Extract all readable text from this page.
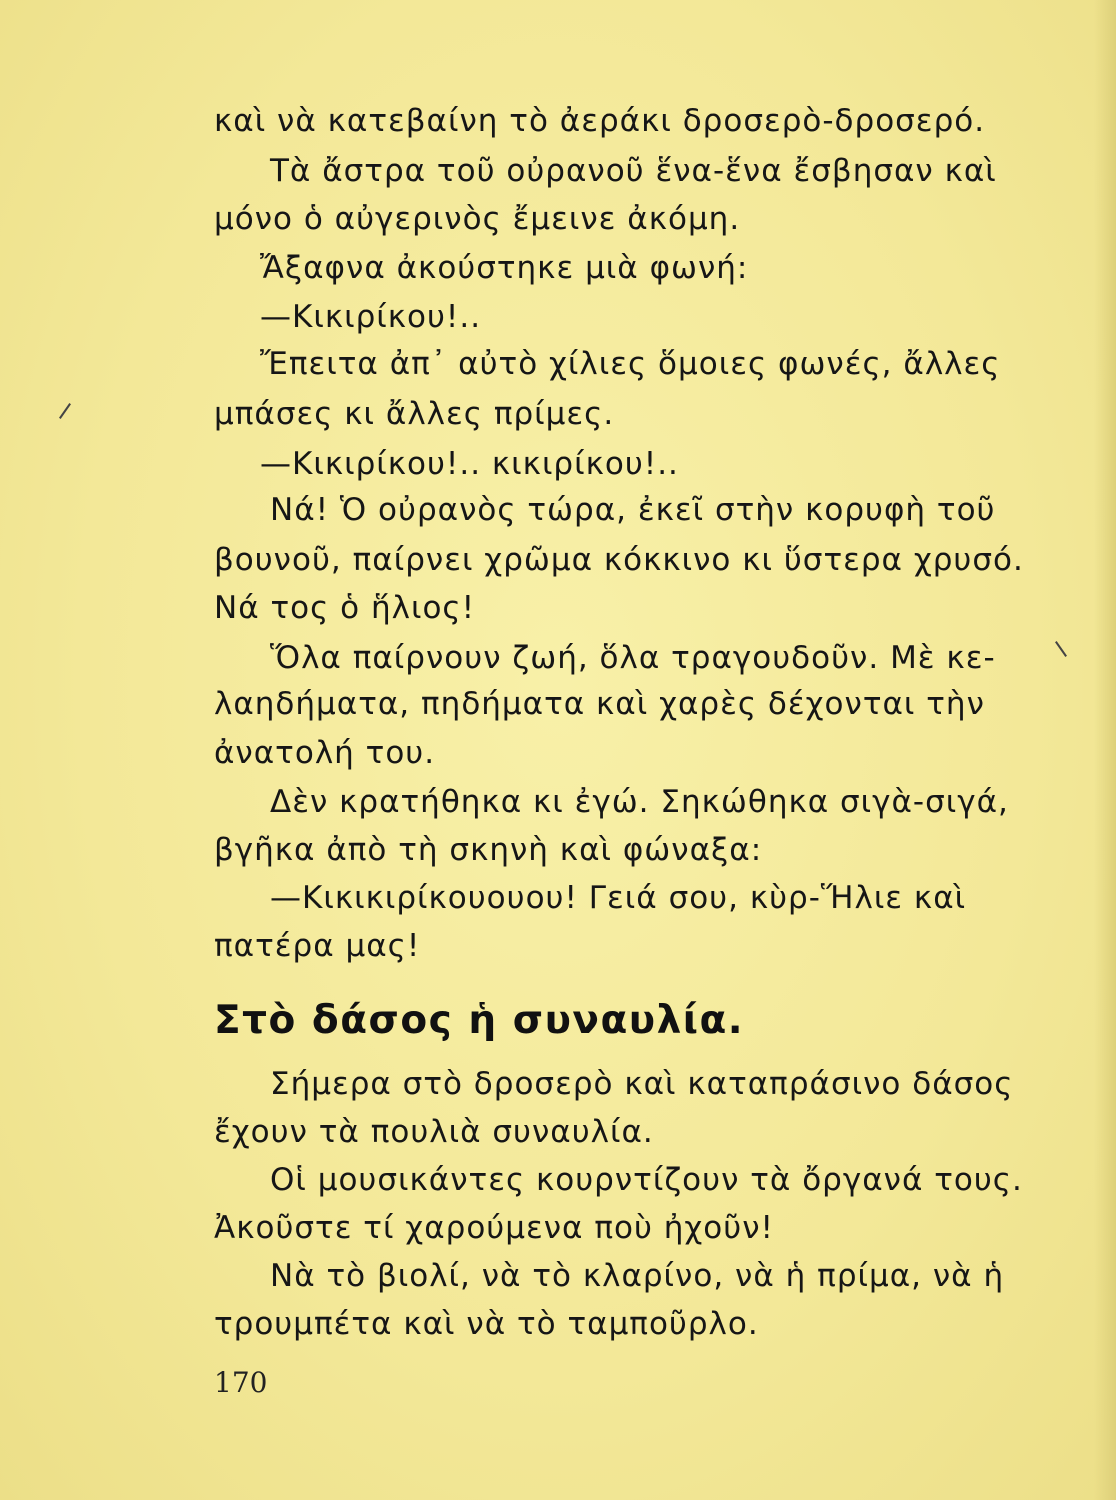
καὶ νὰ κατεβαίνη τὸ ἀεράκι δροσερὸ-δροσερό.
Τὰ ἄστρα τοῦ οὐρανοῦ ἕνα-ἕνα ἔσβησαν καὶ
μόνο ὁ αὐγερινὸς ἔμεινε ἀκόμη.
Ἄξαφνα ἀκούστηκε μιὰ φωνή:
—Κικιρίκου!..
Ἔπειτα ἀπ᾽ αὐτὸ χίλιες ὅμοιες φωνές, ἄλλες
μπάσες κι ἄλλες πρίμες.
—Κικιρίκου!.. κικιρίκου!..
Νά! Ὁ οὐρανὸς τώρα, ἐκεῖ στὴν κορυφὴ τοῦ
βουνοῦ, παίρνει χρῶμα κόκκινο κι ὕστερα χρυσό.
Νά τος ὁ ἥλιος!
Ὅλα παίρνουν ζωή, ὅλα τραγουδοῦν. Μὲ κε-
λαηδήματα, πηδήματα καὶ χαρὲς δέχονται τὴν
ἀνατολή του.
Δὲν κρατήθηκα κι ἐγώ. Σηκώθηκα σιγὰ-σιγά,
βγῆκα ἀπὸ τὴ σκηνὴ καὶ φώναξα:
—Κικικιρίκουουου! Γειά σου, κὺρ-Ἥλιε καὶ
πατέρα μας!
Στὸ δάσος ἡ συναυλία.
Σήμερα στὸ δροσερὸ καὶ καταπράσινο δάσος
ἔχουν τὰ πουλιὰ συναυλία.
Οἱ μουσικάντες κουρντίζουν τὰ ὄργανά τους.
Ἀκοῦστε τί χαρούμενα ποὺ ἠχοῦν!
Νὰ τὸ βιολί, νὰ τὸ κλαρίνο, νὰ ἡ πρίμα, νὰ ἡ
τρουμπέτα καὶ νὰ τὸ ταμποῦρλο.
170
